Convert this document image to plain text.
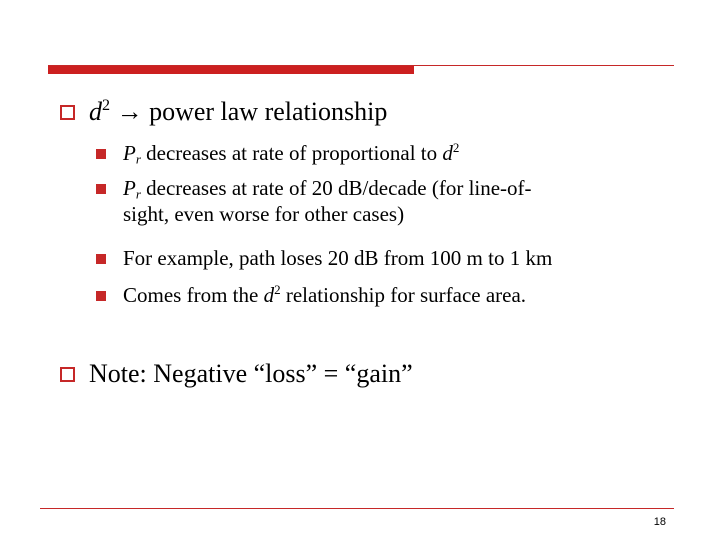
$d^2$ → power law relationship
$P_r$ decreases at rate of proportional to $d^2$
$P_r$ decreases at rate of 20 dB/decade (for line-of-
sight, even worse for other cases)
For example, path loses 20 dB from 100 m to 1 km
Comes from the $d^2$ relationship for surface area.
Note: Negative “loss” = “gain”
18
